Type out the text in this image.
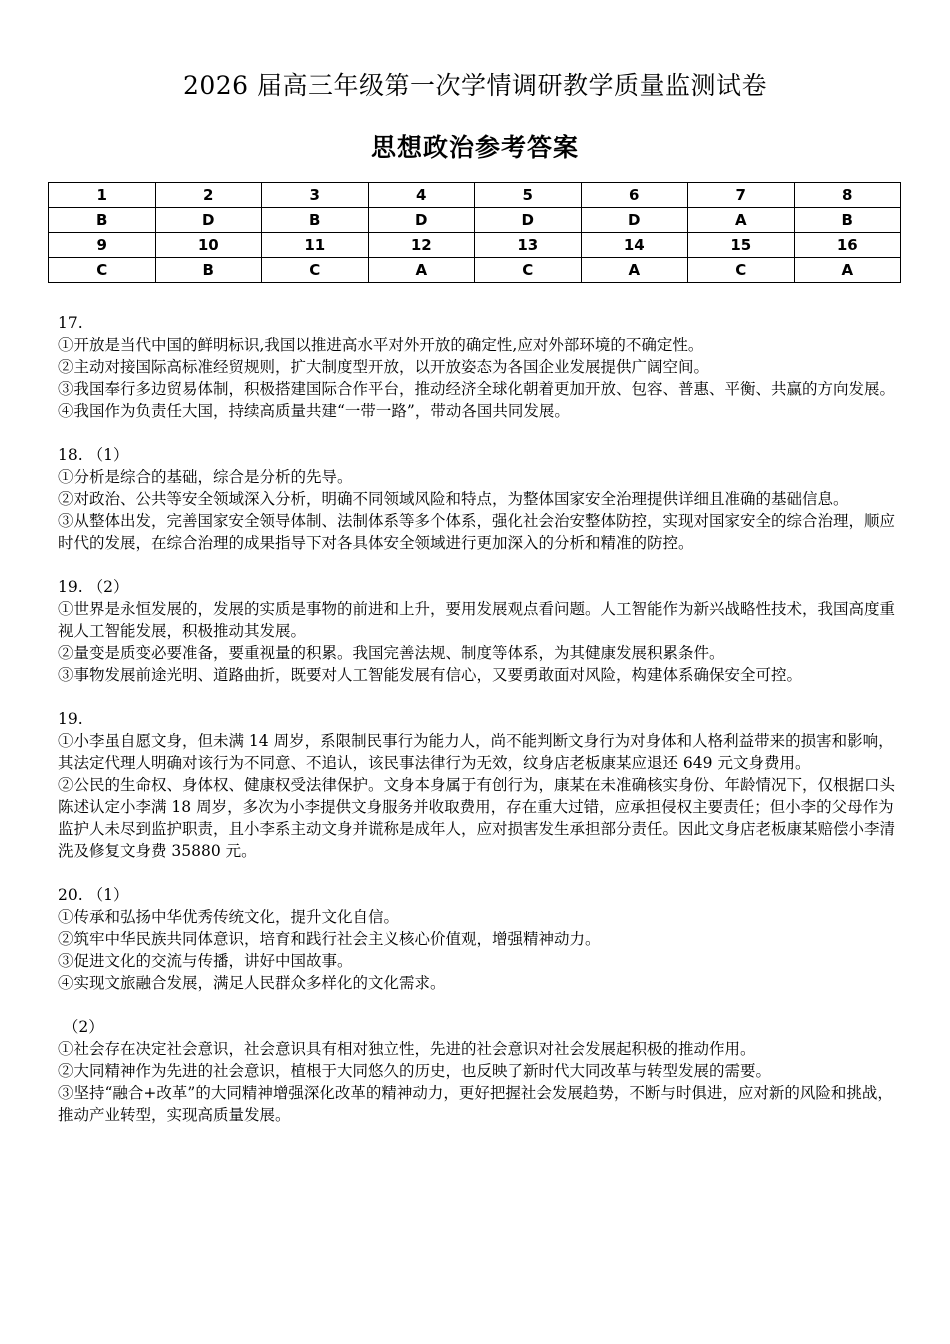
2026 届高三年级第一次学情调研教学质量监测试卷
思想政治参考答案
1	2	3	4	5	6	7	8
B	D	B	D	D	D	A	B
9	10	11	12	13	14	15	16
C	B	C	A	C	A	C	A

17.

①开放是当代中国的鲜明标识,我国以推进高水平对外开放的确定性,应对外部环境的不确定性。

②主动对接国际高标准经贸规则，扩大制度型开放，以开放姿态为各国企业发展提供广阔空间。

③我国奉行多边贸易体制，积极搭建国际合作平台，推动经济全球化朝着更加开放、包容、普惠、平衡、共赢的方向发展。

④我国作为负责任大国，持续高质量共建“一带一路”，带动各国共同发展。

18. （1）

①分析是综合的基础，综合是分析的先导。

②对政治、公共等安全领域深入分析，明确不同领域风险和特点，为整体国家安全治理提供详细且准确的基础信息。

③从整体出发，完善国家安全领导体制、法制体系等多个体系，强化社会治安整体防控，实现对国家安全的综合治理，顺应时代的发展，在综合治理的成果指导下对各具体安全领域进行更加深入的分析和精准的防控。

19. （2）

①世界是永恒发展的，发展的实质是事物的前进和上升，要用发展观点看问题。人工智能作为新兴战略性技术，我国高度重视人工智能发展，积极推动其发展。

②量变是质变必要准备，要重视量的积累。我国完善法规、制度等体系，为其健康发展积累条件。

③事物发展前途光明、道路曲折，既要对人工智能发展有信心，又要勇敢面对风险，构建体系确保安全可控。

19.

①小李虽自愿文身，但未满 14 周岁，系限制民事行为能力人，尚不能判断文身行为对身体和人格利益带来的损害和影响，其法定代理人明确对该行为不同意、不追认，该民事法律行为无效，纹身店老板康某应退还 649 元文身费用。

②公民的生命权、身体权、健康权受法律保护。文身本身属于有创行为，康某在未准确核实身份、年龄情况下，仅根据口头陈述认定小李满 18 周岁，多次为小李提供文身服务并收取费用，存在重大过错，应承担侵权主要责任；但小李的父母作为监护人未尽到监护职责，且小李系主动文身并谎称是成年人，应对损害发生承担部分责任。因此文身店老板康某赔偿小李清洗及修复文身费 35880 元。

20. （1）

①传承和弘扬中华优秀传统文化，提升文化自信。

②筑牢中华民族共同体意识，培育和践行社会主义核心价值观，增强精神动力。

③促进文化的交流与传播，讲好中国故事。

④实现文旅融合发展，满足人民群众多样化的文化需求。

（2）

①社会存在决定社会意识，社会意识具有相对独立性，先进的社会意识对社会发展起积极的推动作用。

②大同精神作为先进的社会意识，植根于大同悠久的历史，也反映了新时代大同改革与转型发展的需要。

③坚持“融合+改革”的大同精神增强深化改革的精神动力，更好把握社会发展趋势，不断与时俱进，应对新的风险和挑战，推动产业转型，实现高质量发展。
